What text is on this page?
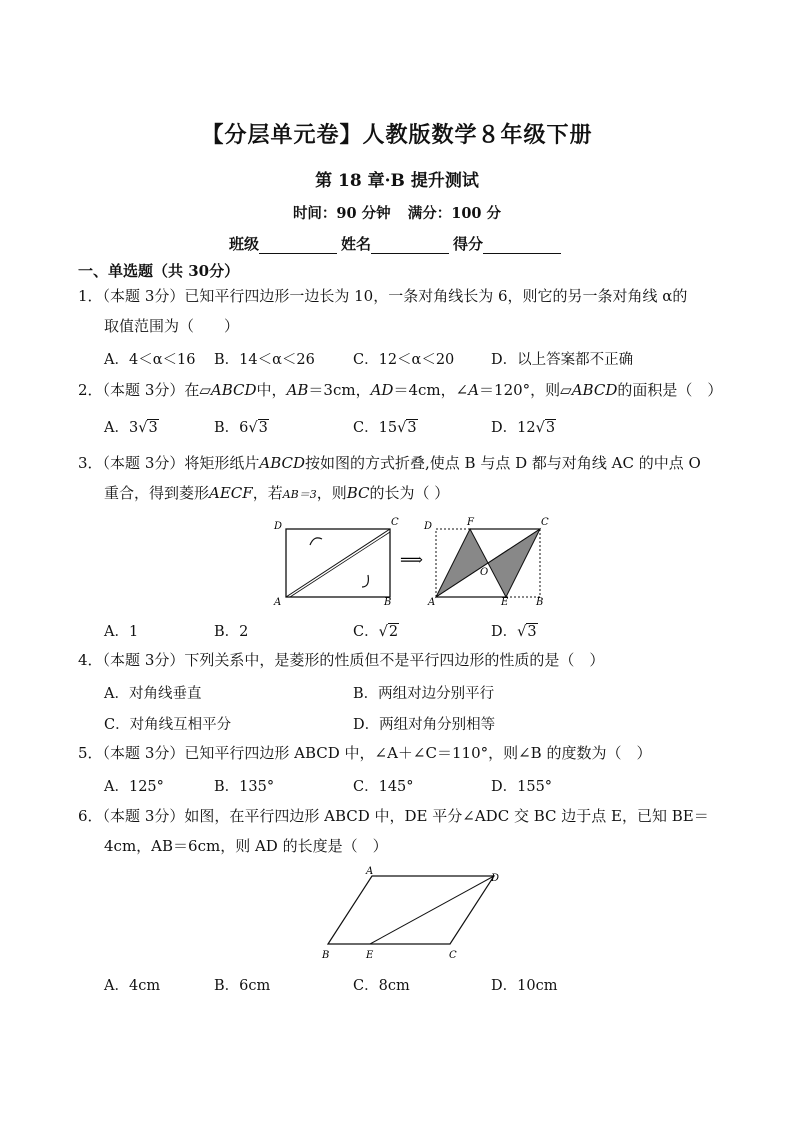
【分层单元卷】人教版数学８年级下册
第 18 章·B 提升测试
时间：90 分钟 满分：100 分
班级	姓名	得分
一、单选题（共 30分）
1．（本题 3分）已知平行四边形一边长为 10，一条对角线长为 6，则它的另一条对角线 α的
取值范围为（　　）
A．4＜α＜16 B．14＜α＜26	C．12＜α＜20	D．以上答案都不正确
2．（本题 3分）在▱ABCD中，AB＝3cm，AD＝4cm，∠A＝120°，则▱ABCD的面积是（　）
A．3√3	B．6√3	C．15√3	D．12√3
3．（本题 3分）将矩形纸片ABCD按如图的方式折叠,使点 B 与点 D 都与对角线 AC 的中点 O
重合，得到菱形AECF，若AB＝3，则BC的长为（ ）
D	C
A	B
⟹
D	F	C
O
A	E	B
A．1	B．2	C．√2	D．√3
4．（本题 3分）下列关系中，是菱形的性质但不是平行四边形的性质的是（　）
A．对角线垂直	B．两组对边分别平行
C．对角线互相平分	D．两组对角分别相等
5．（本题 3分）已知平行四边形 ABCD 中，∠A＋∠C＝110°，则∠B 的度数为（　）
A．125°	B．135°	C．145°	D．155°
6．（本题 3分）如图，在平行四边形 ABCD 中，DE 平分∠ADC 交 BC 边于点 E，已知 BE＝
4cm，AB＝6cm，则 AD 的长度是（　）
A
D
B	E	C
A．4cm	B．6cm	C．8cm	D．10cm
